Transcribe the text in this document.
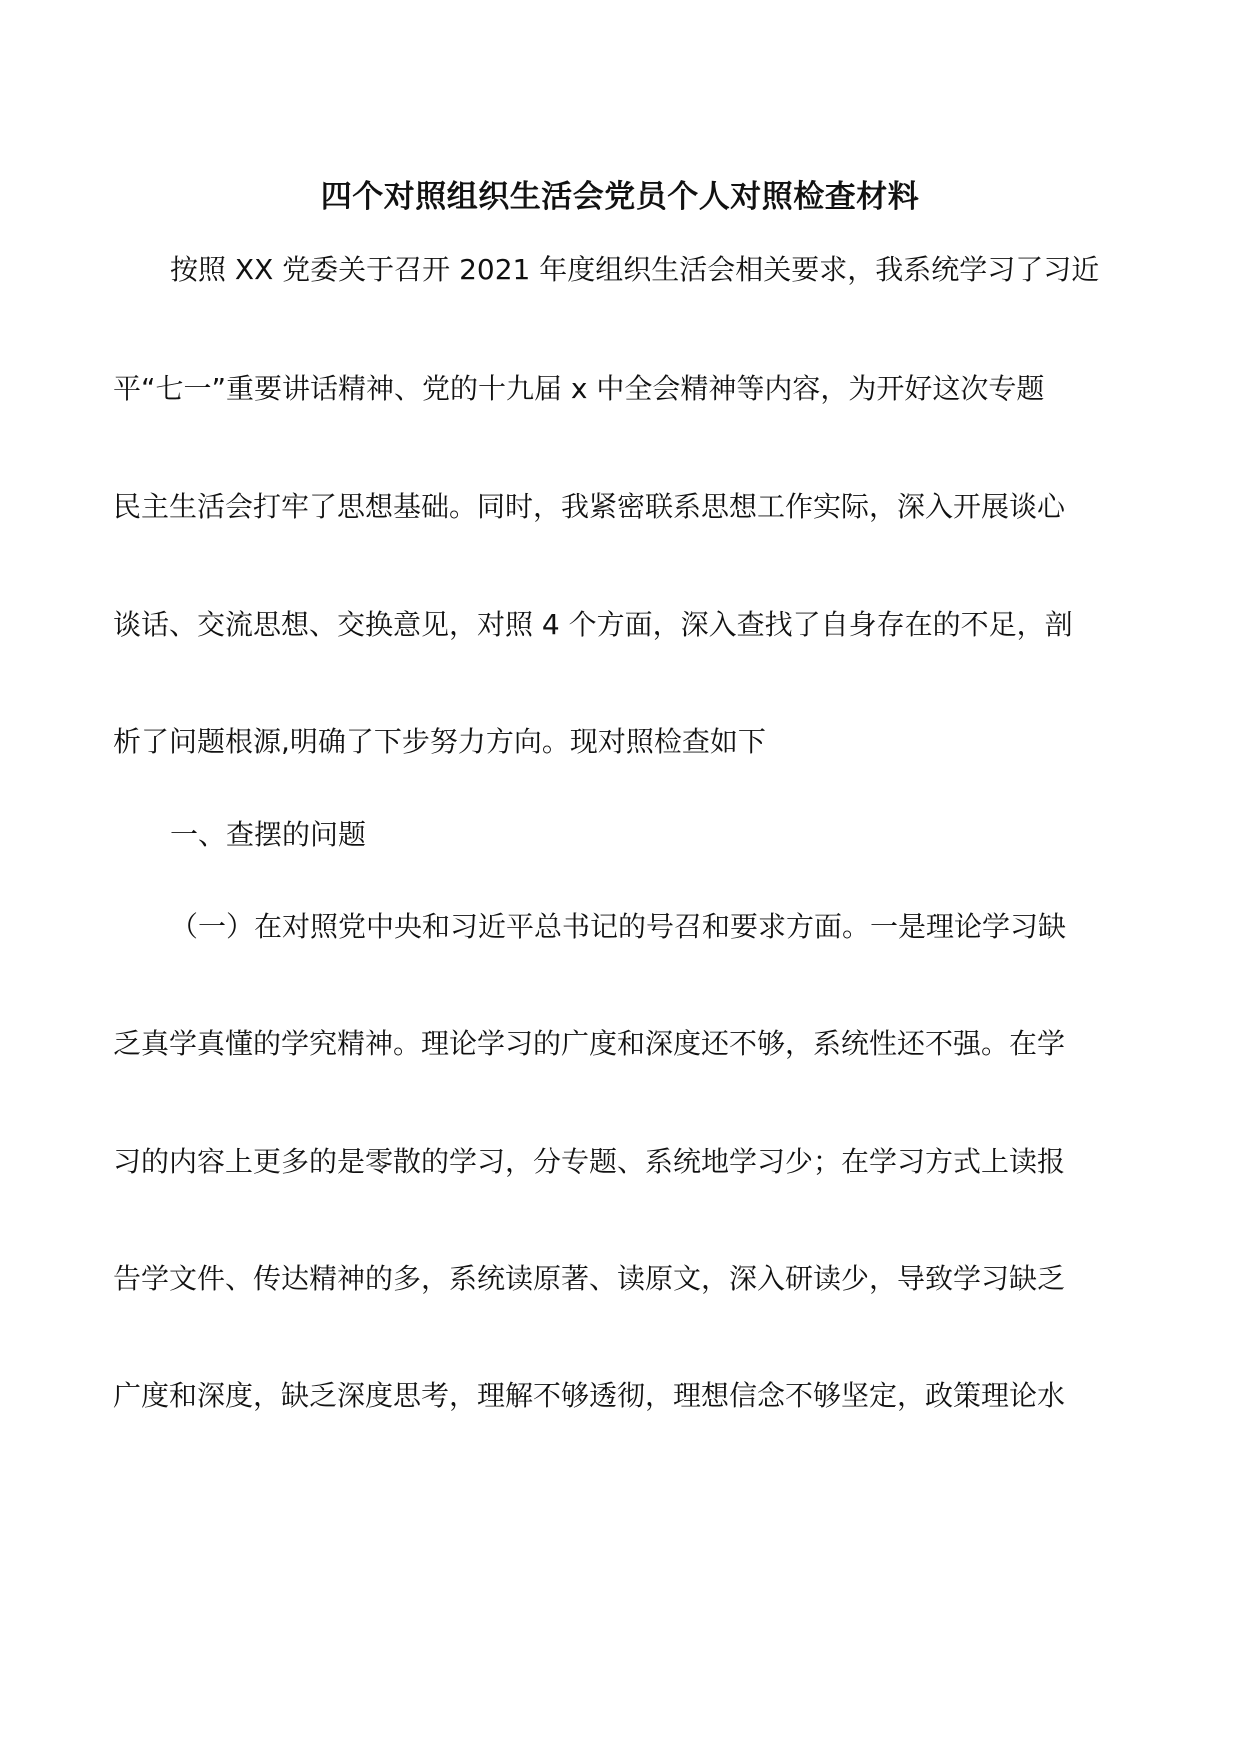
四个对照组织生活会党员个人对照检查材料
按照 XX 党委关于召开 2021 年度组织生活会相关要求，我系统学习了习近
平“七一”重要讲话精神、党的十九届 x 中全会精神等内容，为开好这次专题
民主生活会打牢了思想基础。同时，我紧密联系思想工作实际，深入开展谈心
谈话、交流思想、交换意见，对照 4 个方面，深入查找了自身存在的不足，剖
析了问题根源,明确了下步努力方向。现对照检查如下
一、查摆的问题
（一）在对照党中央和习近平总书记的号召和要求方面。一是理论学习缺
乏真学真懂的学究精神。理论学习的广度和深度还不够，系统性还不强。在学
习的内容上更多的是零散的学习，分专题、系统地学习少；在学习方式上读报
告学文件、传达精神的多，系统读原著、读原文，深入研读少，导致学习缺乏
广度和深度，缺乏深度思考，理解不够透彻，理想信念不够坚定，政策理论水
